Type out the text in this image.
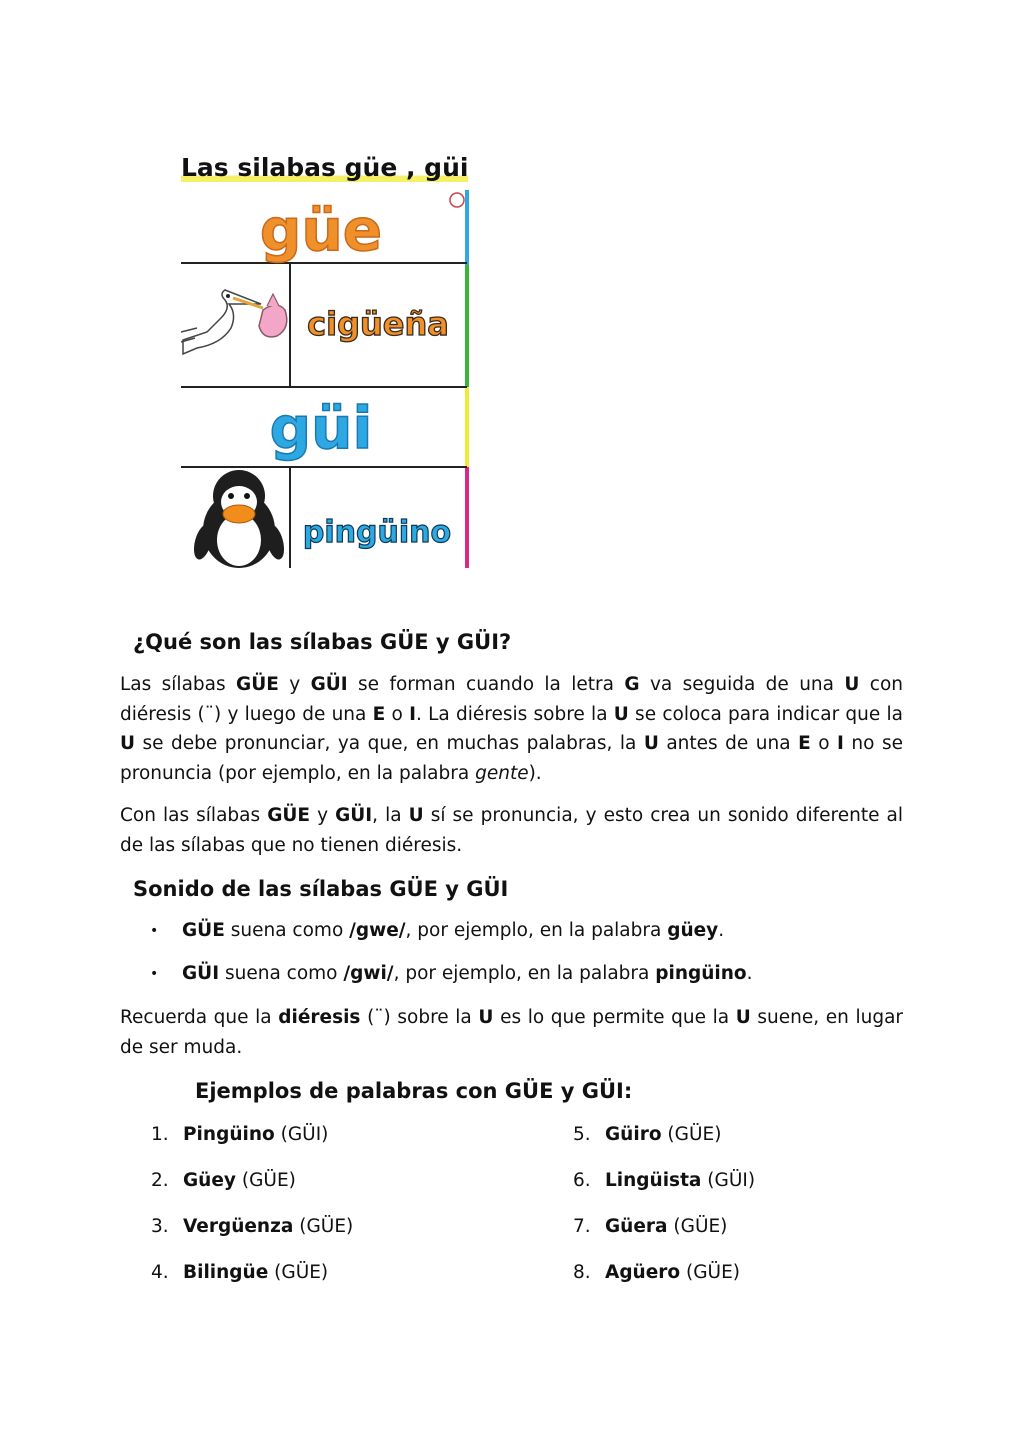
Las silabas güe , güi
güe
cigüeña
güi
pingüino
¿Qué son las sílabas GÜE y GÜI?

Las sílabas GÜE y GÜI se forman cuando la letra G va seguida de una U con diéresis (¨) y luego de una E o I. La diéresis sobre la U se coloca para indicar que la U se debe pronunciar, ya que, en muchas palabras, la U antes de una E o I no se pronuncia (por ejemplo, en la palabra gente).

Con las sílabas GÜE y GÜI, la U sí se pronuncia, y esto crea un sonido diferente al de las sílabas que no tienen diéresis.

Sonido de las sílabas GÜE y GÜI
• GÜE suena como /gwe/, por ejemplo, en la palabra güey.
• GÜI suena como /gwi/, por ejemplo, en la palabra pingüino.

Recuerda que la diéresis (¨) sobre la U es lo que permite que la U suene, en lugar de ser muda.

Ejemplos de palabras con GÜE y GÜI:
1. Pingüino (GÜI)
2. Güey (GÜE)
3. Vergüenza (GÜE)
4. Bilingüe (GÜE)
5. Güiro (GÜE)
6. Lingüista (GÜI)
7. Güera (GÜE)
8. Agüero (GÜE)
